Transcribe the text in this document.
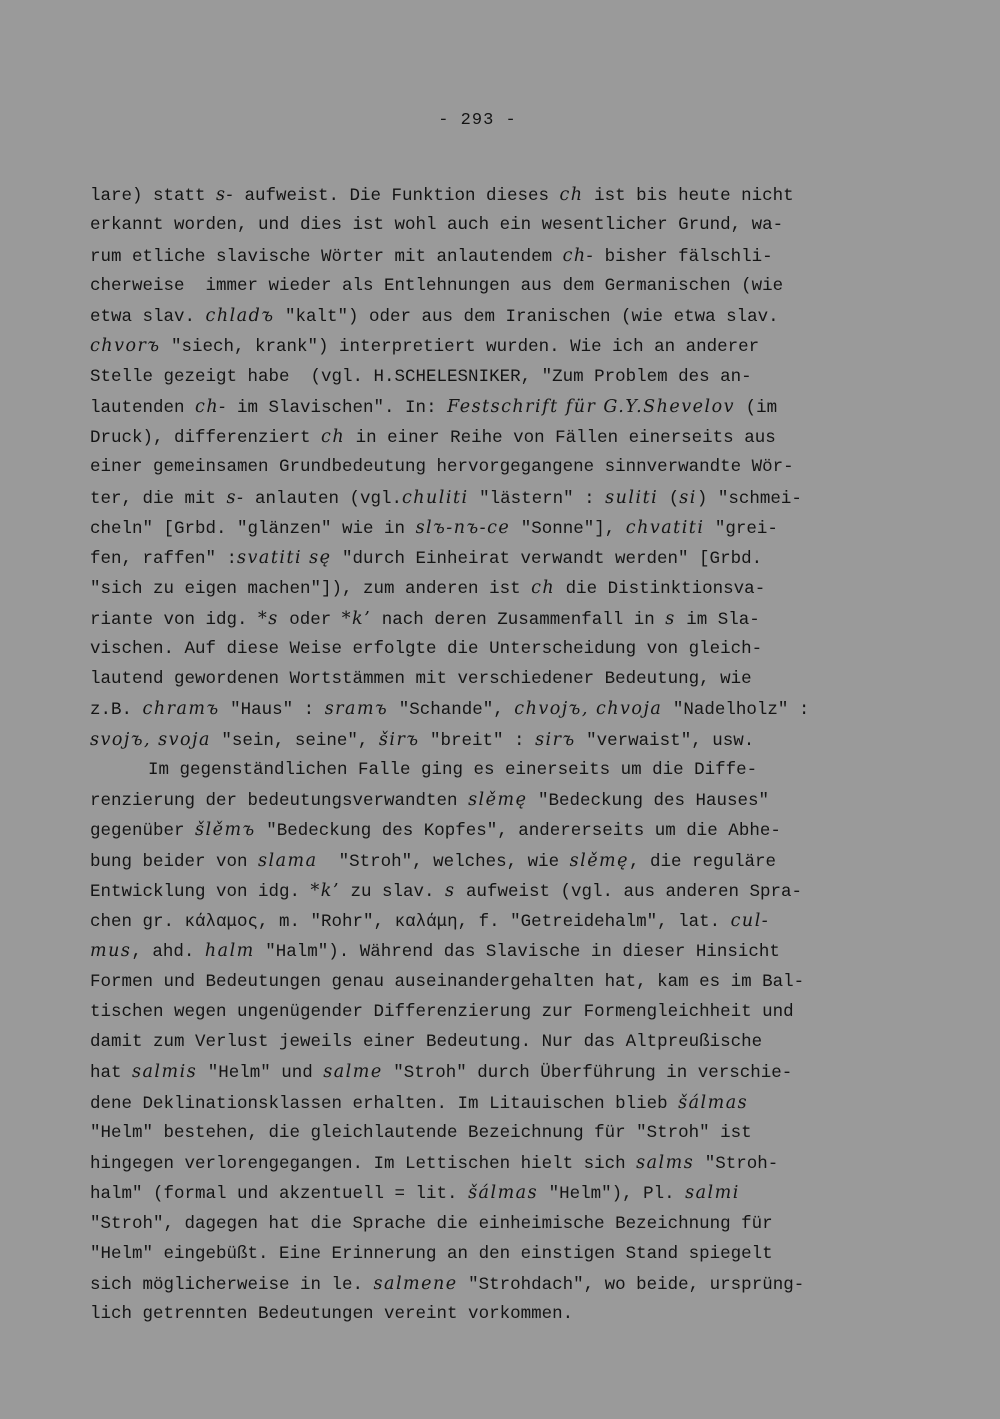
- 293 -
lare) statt s- aufweist. Die Funktion dieses ch ist bis heute nicht
erkannt worden, und dies ist wohl auch ein wesentlicher Grund, wa-
rum etliche slavische Wörter mit anlautendem ch- bisher fälschli-
cherweise  immer wieder als Entlehnungen aus dem Germanischen (wie
etwa slav. chladъ "kalt") oder aus dem Iranischen (wie etwa slav.
chvorъ "siech, krank") interpretiert wurden. Wie ich an anderer
Stelle gezeigt habe  (vgl. H.SCHELESNIKER, "Zum Problem des an-
lautenden ch- im Slavischen". In: Festschrift für G.Y.Shevelov (im
Druck), differenziert ch in einer Reihe von Fällen einerseits aus
einer gemeinsamen Grundbedeutung hervorgegangene sinnverwandte Wör-
ter, die mit s- anlauten (vgl.chuliti "lästern" : suliti (si) "schmei-
cheln" [Grbd. "glänzen" wie in slъ-nъ-ce "Sonne"], chvatiti "grei-
fen, raffen" :svatiti sę "durch Einheirat verwandt werden" [Grbd.
"sich zu eigen machen"]), zum anderen ist ch die Distinktionsva-
riante von idg. *s oder *k’ nach deren Zusammenfall in s im Sla-
vischen. Auf diese Weise erfolgte die Unterscheidung von gleich-
lautend gewordenen Wortstämmen mit verschiedener Bedeutung, wie
z.B. chramъ "Haus" : sramъ "Schande", chvojъ, chvoja "Nadelholz" :
svojъ, svoja "sein, seine", širъ "breit" : sirъ "verwaist", usw.
Im gegenständlichen Falle ging es einerseits um die Diffe-
renzierung der bedeutungsverwandten slěmę "Bedeckung des Hauses"
gegenüber šlěmъ "Bedeckung des Kopfes", andererseits um die Abhe-
bung beider von slama  "Stroh", welches, wie slěmę, die reguläre
Entwicklung von idg. *k’ zu slav. s aufweist (vgl. aus anderen Spra-
chen gr. κάλαμος, m. "Rohr", καλάμη, f. "Getreidehalm", lat. cul-
mus, ahd. halm "Halm"). Während das Slavische in dieser Hinsicht
Formen und Bedeutungen genau auseinandergehalten hat, kam es im Bal-
tischen wegen ungenügender Differenzierung zur Formengleichheit und
damit zum Verlust jeweils einer Bedeutung. Nur das Altpreußische
hat salmis "Helm" und salme "Stroh" durch Überführung in verschie-
dene Deklinationsklassen erhalten. Im Litauischen blieb šálmas
"Helm" bestehen, die gleichlautende Bezeichnung für "Stroh" ist
hingegen verlorengegangen. Im Lettischen hielt sich salms "Stroh-
halm" (formal und akzentuell = lit. šálmas "Helm"), Pl. salmi
"Stroh", dagegen hat die Sprache die einheimische Bezeichnung für
"Helm" eingebüßt. Eine Erinnerung an den einstigen Stand spiegelt
sich möglicherweise in le. salmene "Strohdach", wo beide, ursprüng-
lich getrennten Bedeutungen vereint vorkommen.
